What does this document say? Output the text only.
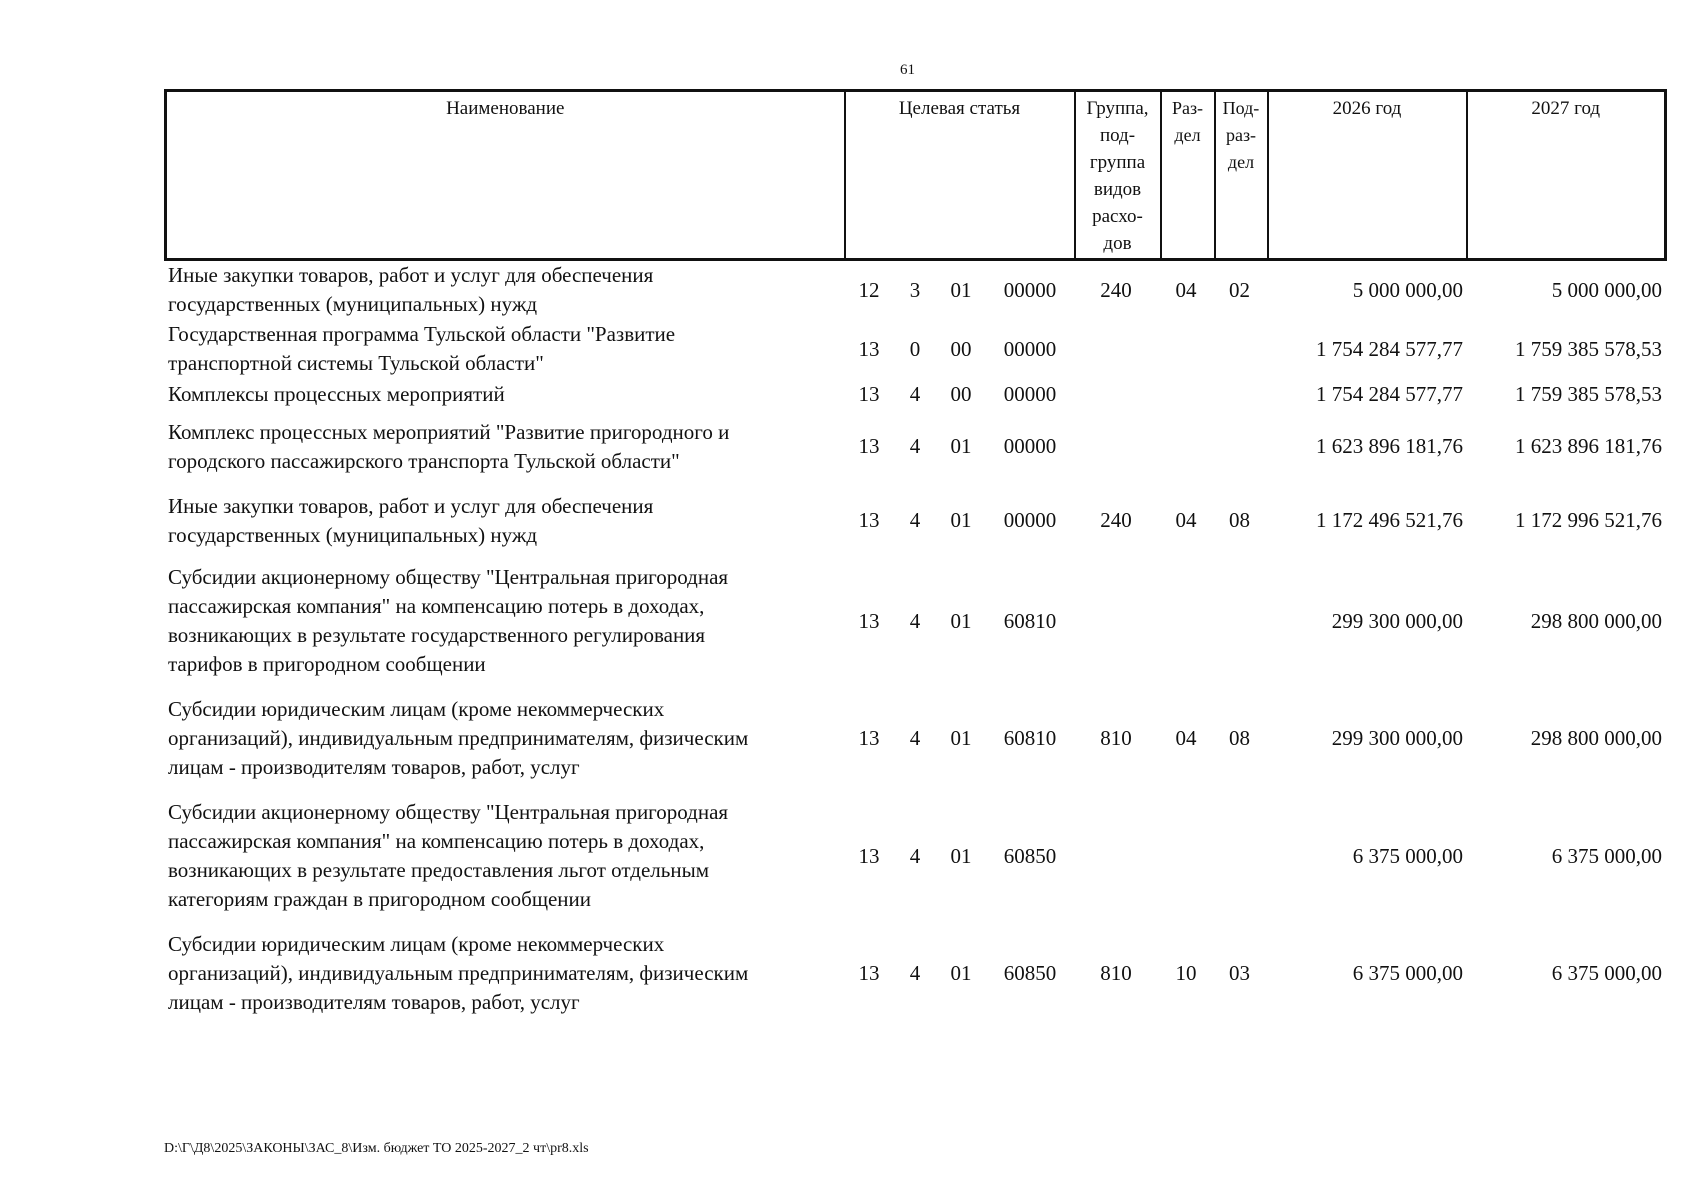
61
Наименование	Целевая статья	Группа,
под-
группа
видов
расхо-
дов	Раз-
дел	Под-
раз-
дел	2026 год	2027 год
Иные закупки товаров, работ и услуг для обеспечения
государственных (муниципальных) нужд	12	3	01	00000	240	04	02	5 000 000,00	5 000 000,00

Государственная программа Тульской области "Развитие
транспортной системы Тульской области"	13	0	00	00000				1 754 284 577,77	1 759 385 578,53

Комплексы процессных мероприятий	13	4	00	00000				1 754 284 577,77	1 759 385 578,53

Комплекс процессных мероприятий "Развитие пригородного и
городского пассажирского транспорта Тульской области"	13	4	01	00000				1 623 896 181,76	1 623 896 181,76

Иные закупки товаров, работ и услуг для обеспечения
государственных (муниципальных) нужд	13	4	01	00000	240	04	08	1 172 496 521,76	1 172 996 521,76

Субсидии акционерному обществу "Центральная пригородная
пассажирская компания" на компенсацию потерь в доходах,
возникающих в результате государственного регулирования
тарифов в пригородном сообщении	13	4	01	60810				299 300 000,00	298 800 000,00

Субсидии юридическим лицам (кроме некоммерческих
организаций), индивидуальным предпринимателям, физическим
лицам - производителям товаров, работ, услуг	13	4	01	60810	810	04	08	299 300 000,00	298 800 000,00

Субсидии акционерному обществу "Центральная пригородная
пассажирская компания" на компенсацию потерь в доходах,
возникающих в результате предоставления льгот отдельным
категориям граждан в пригородном сообщении	13	4	01	60850				6 375 000,00	6 375 000,00

Субсидии юридическим лицам (кроме некоммерческих
организаций), индивидуальным предпринимателям, физическим
лицам - производителям товаров, работ, услуг	13	4	01	60850	810	10	03	6 375 000,00	6 375 000,00
D:\Г\Д8\2025\ЗАКОНЫ\ЗАС_8\Изм. бюджет ТО 2025-2027_2 чт\pr8.xls
